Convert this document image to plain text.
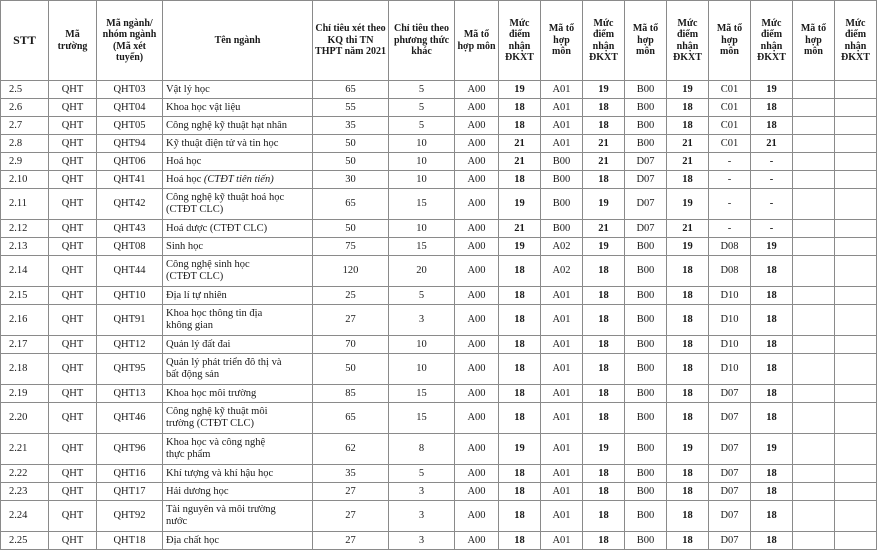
STT	Mã trường	Mã ngành/ nhóm ngành (Mã xét tuyển)	Tên ngành	Chỉ tiêu xét theo KQ thi TN THPT năm 2021	Chỉ tiêu theo phương thức khác	Mã tổ hợp môn	Mức điểm nhận ĐKXT	Mã tổ hợp môn	Mức điểm nhận ĐKXT	Mã tổ hợp môn	Mức điểm nhận ĐKXT	Mã tổ hợp môn	Mức điểm nhận ĐKXT	Mã tổ hợp môn	Mức điểm nhận ĐKXT
2.5	QHT	QHT03	Vật lý học	65	5	A00	19	A01	19	B00	19	C01	19		
2.6	QHT	QHT04	Khoa học vật liệu	55	5	A00	18	A01	18	B00	18	C01	18		
2.7	QHT	QHT05	Công nghệ kỹ thuật hạt nhân	35	5	A00	18	A01	18	B00	18	C01	18		
2.8	QHT	QHT94	Kỹ thuật điện tử và tin học	50	10	A00	21	A01	21	B00	21	C01	21		
2.9	QHT	QHT06	Hoá học	50	10	A00	21	B00	21	D07	21	-	-		
2.10	QHT	QHT41	Hoá học (CTĐT tiên tiến)	30	10	A00	18	B00	18	D07	18	-	-		
2.11	QHT	QHT42	Công nghệ kỹ thuật hoá học
(CTĐT CLC)	65	15	A00	19	B00	19	D07	19	-	-		
2.12	QHT	QHT43	Hoá dược (CTĐT CLC)	50	10	A00	21	B00	21	D07	21	-	-		
2.13	QHT	QHT08	Sinh học	75	15	A00	19	A02	19	B00	19	D08	19		
2.14	QHT	QHT44	Công nghệ sinh học
(CTĐT CLC)	120	20	A00	18	A02	18	B00	18	D08	18		
2.15	QHT	QHT10	Địa lí tự nhiên	25	5	A00	18	A01	18	B00	18	D10	18		
2.16	QHT	QHT91	Khoa học thông tin địa
không gian	27	3	A00	18	A01	18	B00	18	D10	18		
2.17	QHT	QHT12	Quản lý đất đai	70	10	A00	18	A01	18	B00	18	D10	18		
2.18	QHT	QHT95	Quản lý phát triển đô thị và
bất động sản	50	10	A00	18	A01	18	B00	18	D10	18		
2.19	QHT	QHT13	Khoa học môi trường	85	15	A00	18	A01	18	B00	18	D07	18		
2.20	QHT	QHT46	Công nghệ kỹ thuật môi
trường (CTĐT CLC)	65	15	A00	18	A01	18	B00	18	D07	18		
2.21	QHT	QHT96	Khoa học và công nghệ
thực phẩm	62	8	A00	19	A01	19	B00	19	D07	19		
2.22	QHT	QHT16	Khí tượng và khí hậu học	35	5	A00	18	A01	18	B00	18	D07	18		
2.23	QHT	QHT17	Hải dương học	27	3	A00	18	A01	18	B00	18	D07	18		
2.24	QHT	QHT92	Tài nguyên và môi trường
nước	27	3	A00	18	A01	18	B00	18	D07	18		
2.25	QHT	QHT18	Địa chất học	27	3	A00	18	A01	18	B00	18	D07	18		
